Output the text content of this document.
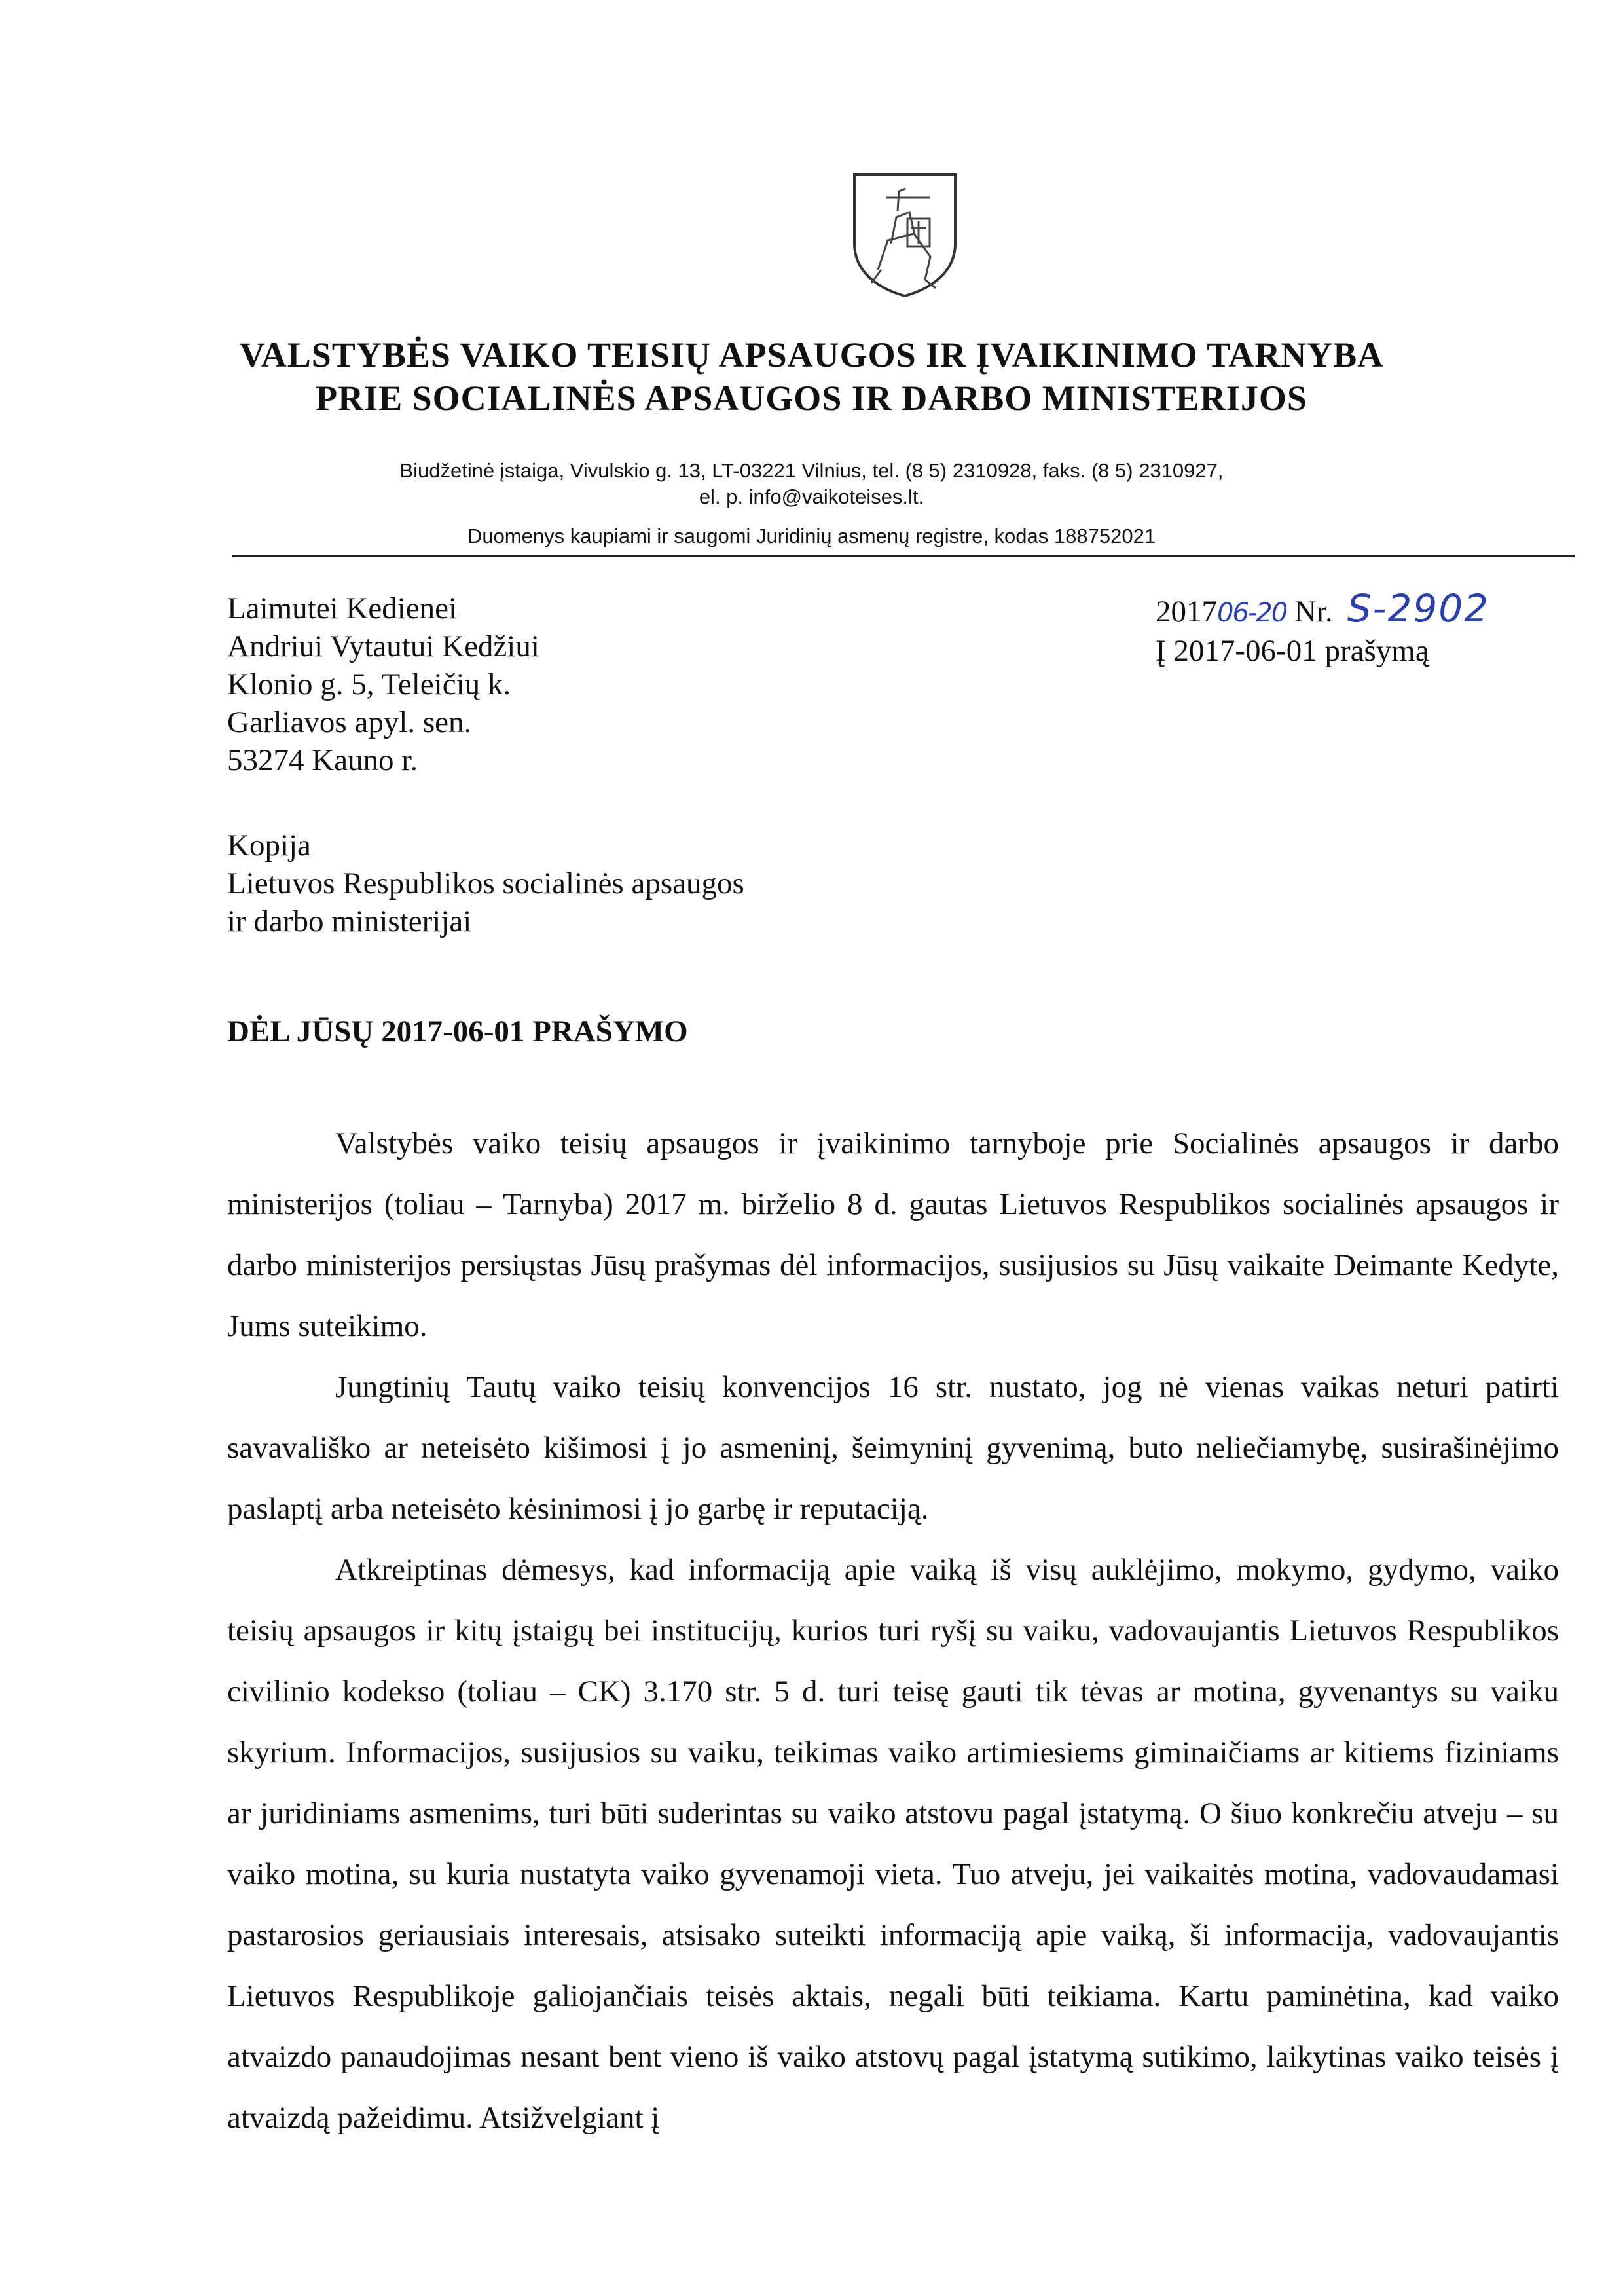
VALSTYBĖS VAIKO TEISIŲ APSAUGOS IR ĮVAIKINIMO TARNYBA
PRIE SOCIALINĖS APSAUGOS IR DARBO MINISTERIJOS
Biudžetinė įstaiga, Vivulskio g. 13, LT-03221 Vilnius, tel. (8 5) 2310928, faks. (8 5) 2310927,
el. p. info@vaikoteises.lt.
Duomenys kaupiami ir saugomi Juridinių asmenų registre, kodas 188752021
Laimutei Kedienei
Andriui Vytautui Kedžiui
Klonio g. 5, Teleičių k.
Garliavos apyl. sen.
53274 Kauno r.
201706-20 Nr. S-2902
Į 2017-06-01 prašymą
Kopija
Lietuvos Respublikos socialinės apsaugos
ir darbo ministerijai
DĖL JŪSŲ 2017-06-01 PRAŠYMO

Valstybės vaiko teisių apsaugos ir įvaikinimo tarnyboje prie Socialinės apsaugos ir darbo ministerijos (toliau – Tarnyba) 2017 m. birželio 8 d. gautas Lietuvos Respublikos socialinės apsaugos ir darbo ministerijos persiųstas Jūsų prašymas dėl informacijos, susijusios su Jūsų vaikaite Deimante Kedyte, Jums suteikimo.

Jungtinių Tautų vaiko teisių konvencijos 16 str. nustato, jog nė vienas vaikas neturi patirti savavališko ar neteisėto kišimosi į jo asmeninį, šeimyninį gyvenimą, buto neliečiamybę, susirašinėjimo paslaptį arba neteisėto kėsinimosi į jo garbę ir reputaciją.

Atkreiptinas dėmesys, kad informaciją apie vaiką iš visų auklėjimo, mokymo, gydymo, vaiko teisių apsaugos ir kitų įstaigų bei institucijų, kurios turi ryšį su vaiku, vadovaujantis Lietuvos Respublikos civilinio kodekso (toliau – CK) 3.170 str. 5 d. turi teisę gauti tik tėvas ar motina, gyvenantys su vaiku skyrium. Informacijos, susijusios su vaiku, teikimas vaiko artimiesiems giminaičiams ar kitiems fiziniams ar juridiniams asmenims, turi būti suderintas su vaiko atstovu pagal įstatymą. O šiuo konkrečiu atveju – su vaiko motina, su kuria nustatyta vaiko gyvenamoji vieta. Tuo atveju, jei vaikaitės motina, vadovaudamasi pastarosios geriausiais interesais, atsisako suteikti informaciją apie vaiką, ši informacija, vadovaujantis Lietuvos Respublikoje galiojančiais teisės aktais, negali būti teikiama. Kartu paminėtina, kad vaiko atvaizdo panaudojimas nesant bent vieno iš vaiko atstovų pagal įstatymą sutikimo, laikytinas vaiko teisės į atvaizdą pažeidimu. Atsižvelgiant į
